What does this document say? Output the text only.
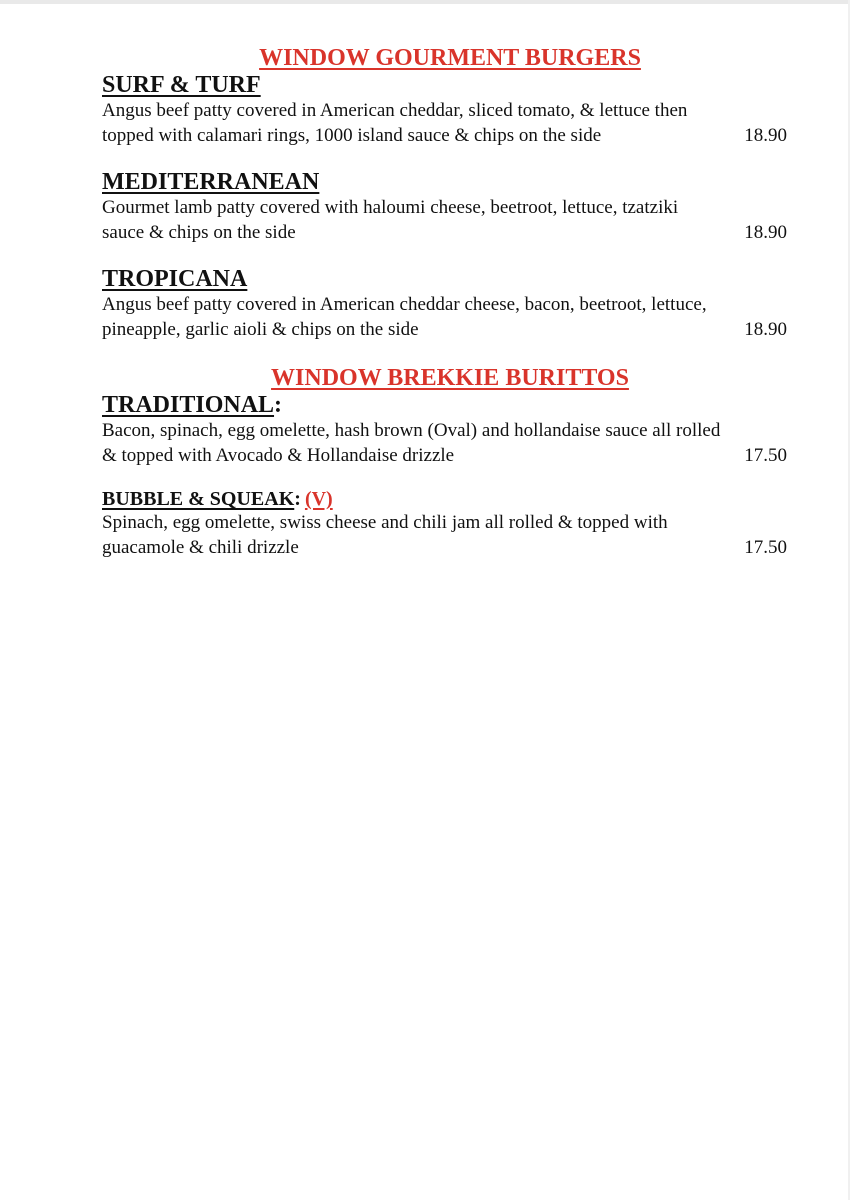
WINDOW GOURMENT BURGERS
SURF & TURF

Angus beef patty covered in American cheddar, sliced tomato, & lettuce then

topped with calamari rings, 1000 island sauce & chips on the side	18.90
MEDITERRANEAN

Gourmet lamb patty covered with haloumi cheese, beetroot, lettuce, tzatziki

sauce & chips on the side	18.90
TROPICANA

Angus beef patty covered in American cheddar cheese, bacon, beetroot, lettuce,

pineapple, garlic aioli & chips on the side	18.90
WINDOW BREKKIE BURITTOS
TRADITIONAL:

Bacon, spinach, egg omelette, hash brown (Oval) and hollandaise sauce all rolled

& topped with Avocado & Hollandaise drizzle	17.50
BUBBLE & SQUEAK: (V)

Spinach, egg omelette, swiss cheese and chili jam all rolled & topped with

guacamole & chili drizzle	17.50
